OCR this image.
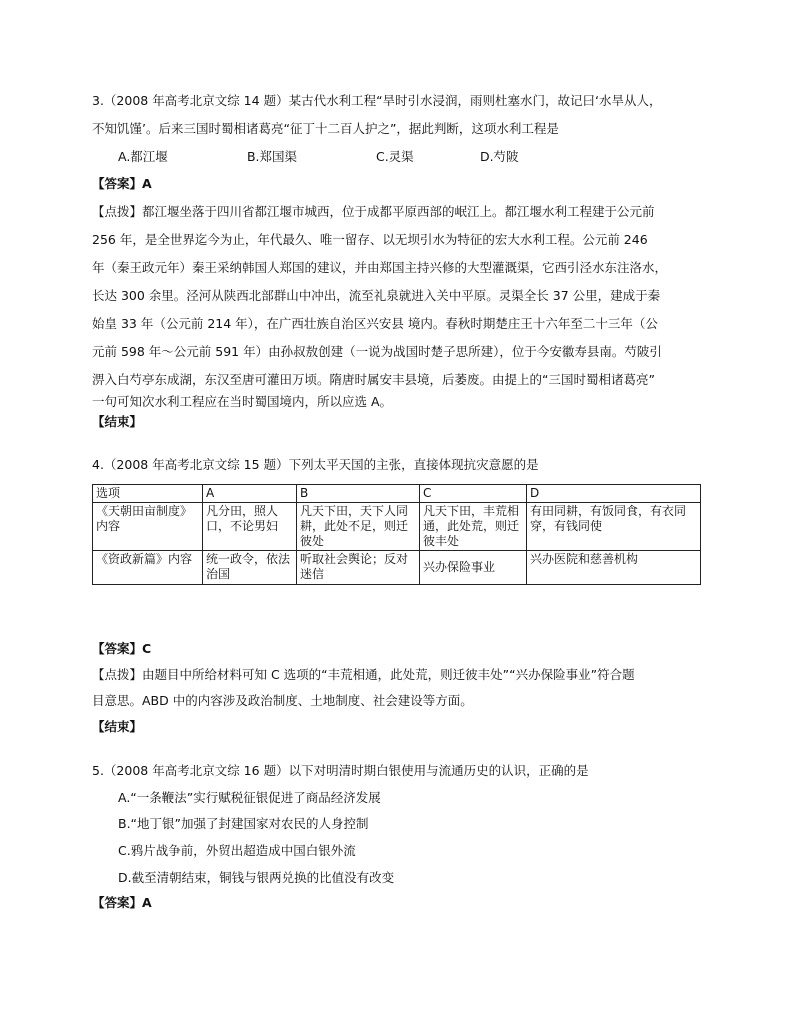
3.（2008 年高考北京文综 14 题）某古代水利工程“旱时引水浸润，雨则杜塞水门，故记曰‘水旱从人，
不知饥馑’。后来三国时蜀相诸葛亮“征丁十二百人护之”，据此判断，这项水利工程是
A.都江堰	B.郑国渠	C.灵渠	D.芍陂
【答案】A
【点拨】都江堰坐落于四川省都江堰市城西，位于成都平原西部的岷江上。都江堰水利工程建于公元前
256 年，是全世界迄今为止，年代最久、唯一留存、以无坝引水为特征的宏大水利工程。公元前 246
年（秦王政元年）秦王采纳韩国人郑国的建议，并由郑国主持兴修的大型灌溉渠，它西引泾水东注洛水，
长达 300 余里。泾河从陕西北部群山中冲出，流至礼泉就进入关中平原。灵渠全长 37 公里，建成于秦
始皇 33 年（公元前 214 年），在广西壮族自治区兴安县 境内。春秋时期楚庄王十六年至二十三年（公
元前 598 年～公元前 591 年）由孙叔敖创建（一说为战国时楚子思所建），位于今安徽寿县南。芍陂引
淠入白芍亭东成湖，东汉至唐可灌田万顷。隋唐时属安丰县境，后萎废。由提上的“三国时蜀相诸葛亮”
一句可知次水利工程应在当时蜀国境内，所以应选 A。
【结束】
4.（2008 年高考北京文综 15 题）下列太平天国的主张，直接体现抗灾意愿的是
选项	A	B	C	D
《天朝田亩制度》内容	凡分田，照人口，不论男妇	凡天下田，天下人同耕，此处不足，则迁彼处	凡天下田，丰荒相通，此处荒，则迁彼丰处	有田同耕，有饭同食，有衣同穿，有钱同使
《资政新篇》内容	统一政令，依法治国	听取社会舆论；反对迷信	兴办保险事业	兴办医院和慈善机构
【答案】C
【点拨】由题目中所给材料可知 C 选项的“丰荒相通，此处荒，则迁彼丰处”“兴办保险事业”符合题
目意思。ABD 中的内容涉及政治制度、土地制度、社会建设等方面。
【结束】
5.（2008 年高考北京文综 16 题）以下对明清时期白银使用与流通历史的认识，正确的是
A.“一条鞭法”实行赋税征银促进了商品经济发展
B.“地丁银”加强了封建国家对农民的人身控制
C.鸦片战争前，外贸出超造成中国白银外流
D.截至清朝结束，铜钱与银两兑换的比值没有改变
【答案】A
